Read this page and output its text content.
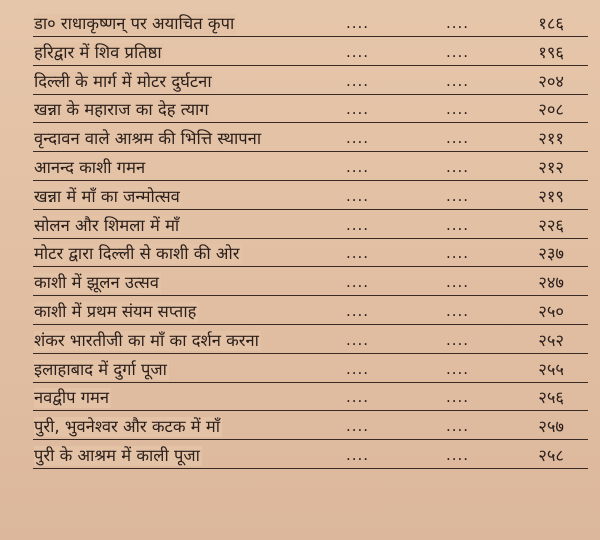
डा० राधाकृष्णन् पर अयाचित कृपा	....	....	१८६
हरिद्वार में शिव प्रतिष्ठा	....	....	१९६
दिल्ली के मार्ग में मोटर दुर्घटना	....	....	२०४
खन्ना के महाराज का देह त्याग	....	....	२०८
वृन्दावन वाले आश्रम की भित्ति स्थापना	....	....	२११
आनन्द काशी गमन	....	....	२१२
खन्ना में माँ का जन्मोत्सव	....	....	२१९
सोलन और शिमला में माँ	....	....	२२६
मोटर द्वारा दिल्ली से काशी की ओर	....	....	२३७
काशी में झूलन उत्सव	....	....	२४७
काशी में प्रथम संयम सप्ताह	....	....	२५०
शंकर भारतीजी का माँ का दर्शन करना	....	....	२५२
इलाहाबाद में दुर्गा पूजा	....	....	२५५
नवद्वीप गमन	....	....	२५६
पुरी, भुवनेश्वर और कटक में माँ	....	....	२५७
पुरी के आश्रम में काली पूजा	....	....	२५८
